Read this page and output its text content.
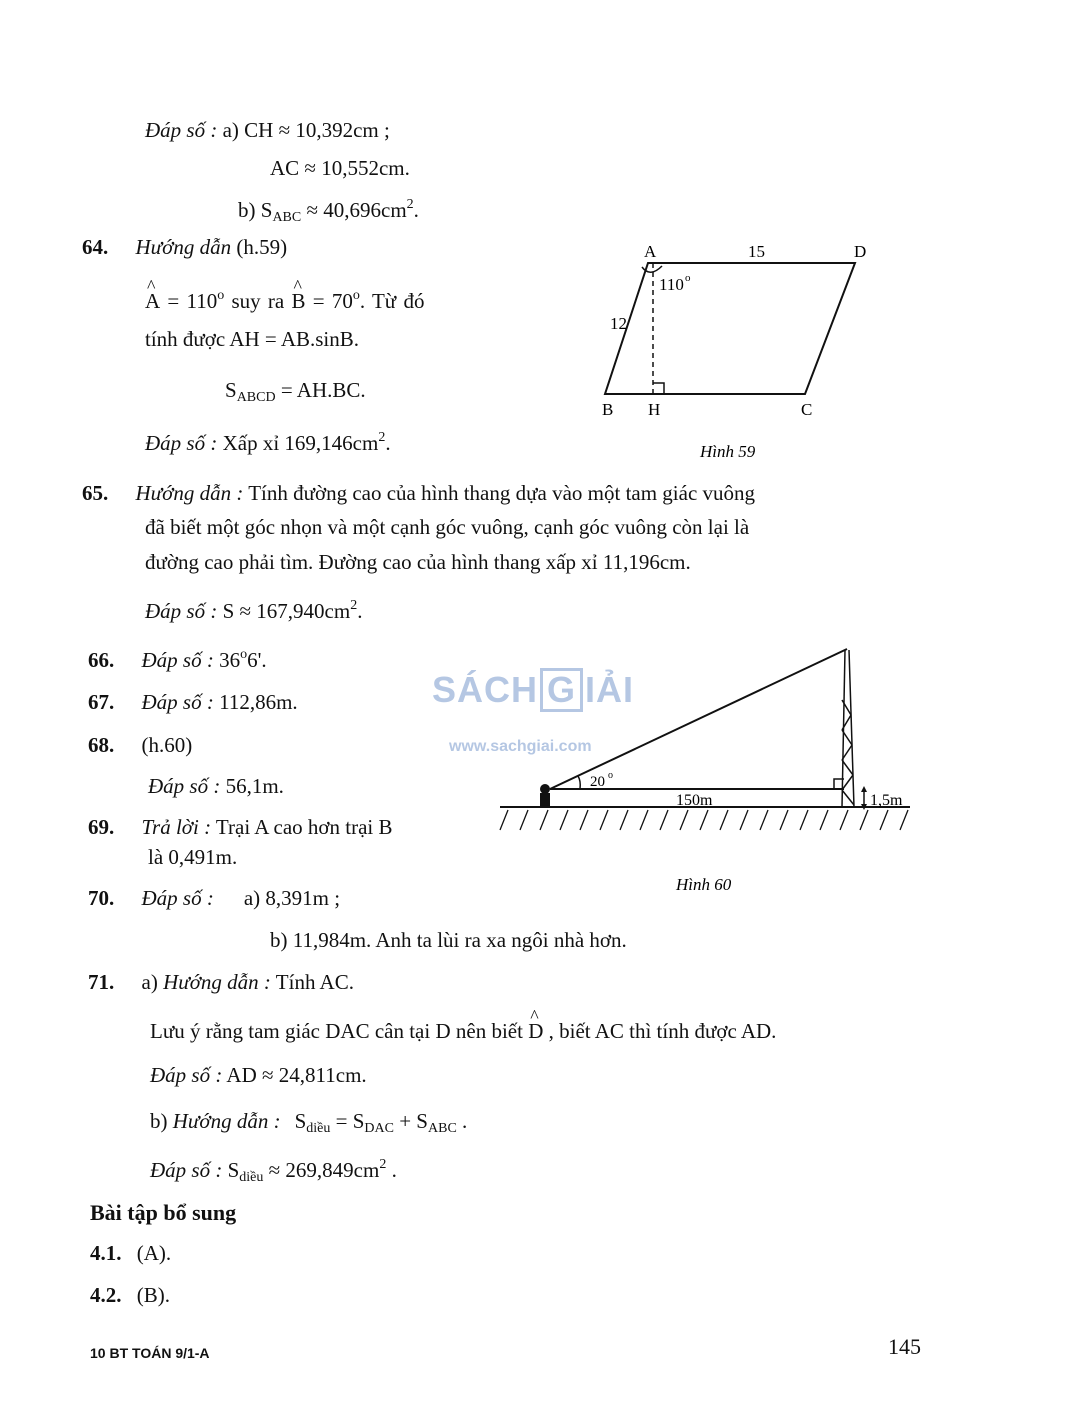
Đáp số : a) CH ≈ 10,392cm ;
AC ≈ 10,552cm.
b) $S_{ABC} \approx 40,696cm^2$.
64. Hướng dẫn (h.59)
^ $A = 110^o$ suy ra ^ $B = 70^o$. Từ đó
tính được AH = AB.sinB.
$S_{ABCD} = AH.BC$.
Đáp số : Xấp xỉ $169,146cm^2$.
A	D
B H	C
15
12
110 o
Hình 59
65. Hướng dẫn : Tính đường cao của hình thang dựa vào một tam giác vuông
đã biết một góc nhọn và một cạnh góc vuông, cạnh góc vuông còn lại là
đường cao phải tìm. Đường cao của hình thang xấp xỉ 11,196cm.
Đáp số : $S \approx 167,940cm^2$.
66. Đáp số : 36$^o$6'.
67. Đáp số : 112,86m.
68. (h.60)
Đáp số : 56,1m.
69. Trả lời : Trại A cao hơn trại B
là 0,491m.
70. Đáp số : a) 8,391m ;
b) 11,984m. Anh ta lùi ra xa ngôi nhà hơn.
SÁCH G IẢI
www.sachgiai.com
20 o
150m	1,5m
Hình 60
71. a) Hướng dẫn : Tính AC.
Lưu ý rằng tam giác DAC cân tại D nên biết ^ D , biết AC thì tính được AD.
Đáp số : AD ≈ 24,811cm.
b) Hướng dẫn : $S_{diều} = S_{DAC} + S_{ABC}$ .
Đáp số : $S_{diều} \approx 269,849cm^2$ .
Bài tập bổ sung
4.1. (A).
4.2. (B).
10 BT TOÁN 9/1-A	145
